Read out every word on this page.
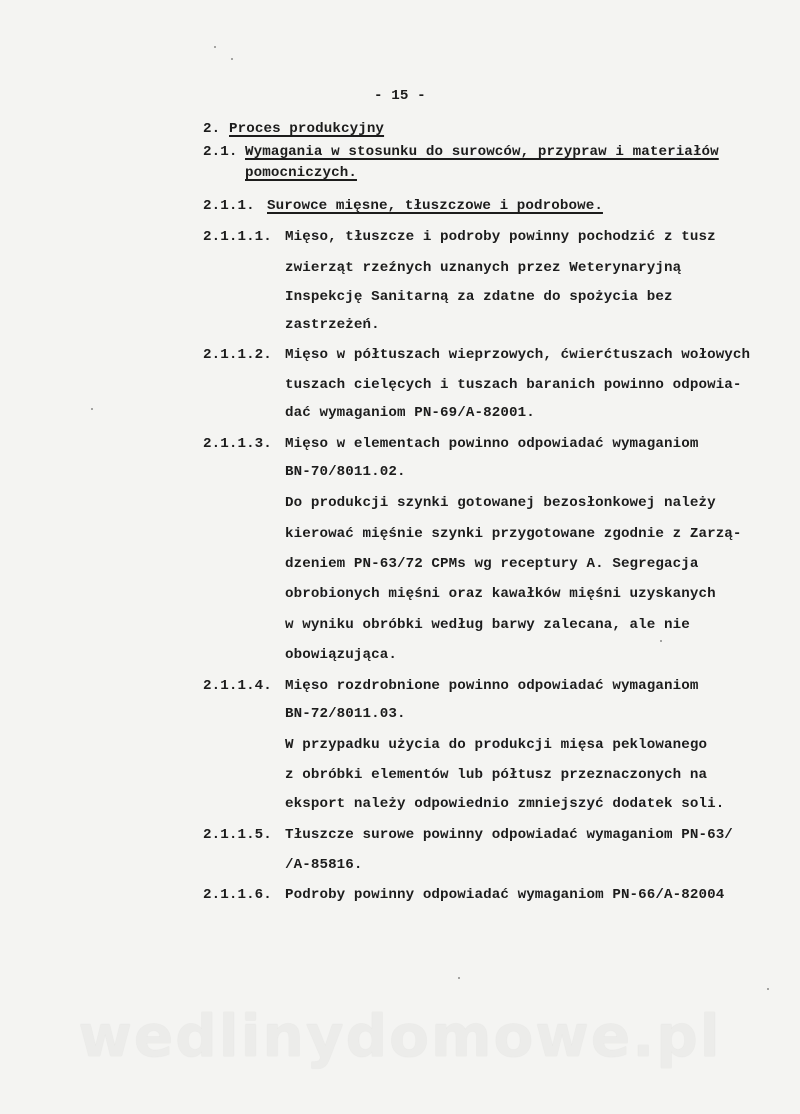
- 15 -
2. Proces produkcyjny
2.1. Wymagania w stosunku do surowców, przypraw i materiałów
pomocniczych.
2.1.1. Surowce mięsne, tłuszczowe i podrobowe.
2.1.1.1. Mięso, tłuszcze i podroby powinny pochodzić z tusz
zwierząt rzeźnych uznanych przez Weterynaryjną
Inspekcję Sanitarną za zdatne do spożycia bez
zastrzeżeń.
2.1.1.2. Mięso w półtuszach wieprzowych, ćwierćtuszach wołowych
tuszach cielęcych i tuszach baranich powinno odpowia-
dać wymaganiom PN-69/A-82001.
2.1.1.3. Mięso w elementach powinno odpowiadać wymaganiom
BN-70/8011.02.
Do produkcji szynki gotowanej bezosłonkowej należy
kierować mięśnie szynki przygotowane zgodnie z Zarzą-
dzeniem PN-63/72 CPMs wg receptury A. Segregacja
obrobionych mięśni oraz kawałków mięśni uzyskanych
w wyniku obróbki według barwy zalecana, ale nie
obowiązująca.
2.1.1.4. Mięso rozdrobnione powinno odpowiadać wymaganiom
BN-72/8011.03.
W przypadku użycia do produkcji mięsa peklowanego
z obróbki elementów lub półtusz przeznaczonych na
eksport należy odpowiednio zmniejszyć dodatek soli.
2.1.1.5. Tłuszcze surowe powinny odpowiadać wymaganiom PN-63/
/A-85816.
2.1.1.6. Podroby powinny odpowiadać wymaganiom PN-66/A-82004
wedlinydomowe.pl
